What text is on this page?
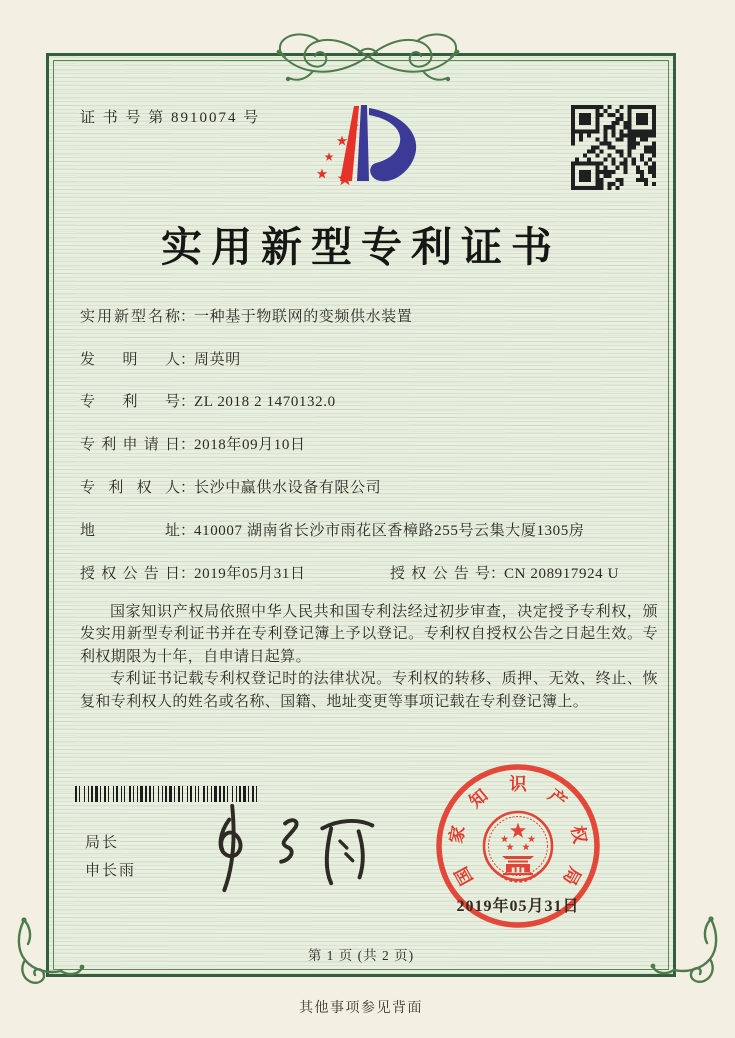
证 书 号 第 8910074 号
实用新型专利证书
实用新型名称：一种基于物联网的变频供水装置
发明人：周英明
专利号：ZL 2018 2 1470132.0
专利申请日：2018年09月10日
专利权人：长沙中赢供水设备有限公司
地址：410007 湖南省长沙市雨花区香樟路255号云集大厦1305房
授权公告日：2019年05月31日	授权公告号：CN 208917924 U

国家知识产权局依照中华人民共和国专利法经过初步审查，决定授予专利权，颁发实用新型专利证书并在专利登记簿上予以登记。专利权自授权公告之日起生效。专利权期限为十年，自申请日起算。

专利证书记载专利权登记时的法律状况。专利权的转移、质押、无效、终止、恢复和专利权人的姓名或名称、国籍、地址变更等事项记载在专利登记簿上。

局长
申长雨	国
家
知
识
产
权
局
2019年05月31日
第 1 页 (共 2 页)
其他事项参见背面
